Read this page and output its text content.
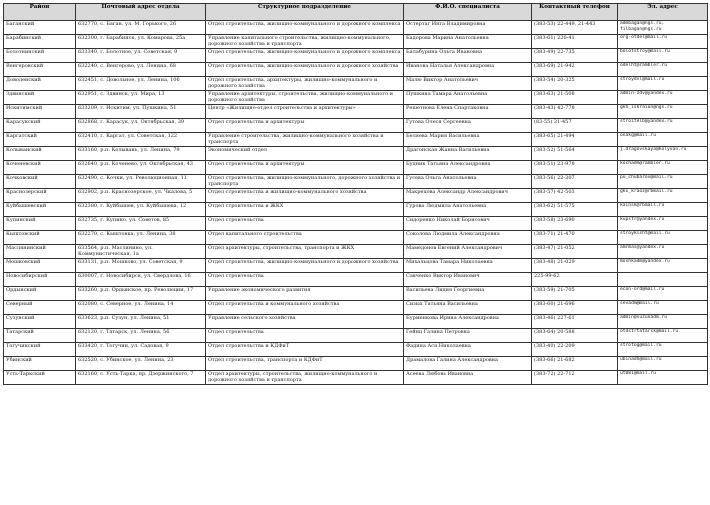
Район	Почтовый адрес отдела	Структурное подразделение	Ф.И.О. специалиста	Контактный телефон	Эл. адрес
Баганский	632770, с. Баган, ул. М. Горького, 26	Отдел строительства, жилищно-коммунального и дорожного комплекса	Остертаг Инга Владимировна	(383-53) 22-449, 21-443	admbagan@ngs.ru, filbagan@ngs.ru
Барабинский	632300, г. Барабинск, ул. Комарова, 25а	Управление капитального строительства, жилищно-коммунального, дорожного хозяйства и транспорта	Бадорова Марина Анатольевна	(383-61) 220-41	org-otdel@mail.ru
Болотнинский	633340, г. Болотное, ул. Советская, 9	Отдел строительства, жилищно-коммунального и дорожного комплекса	Балабурина Ольга Ивановна	(383-49) 22-735	bolotstroy@mail.ru
Венгеровский	632240, с. Венгерово, ул. Ленина, 68	Отдел строительства, жилищно-коммунального и дорожного хозяйства	Иванова Наталья Александровна	(383-69) 21-942	odelht@rambler.ru
Доволенский	632451, с. Довольное, ул. Ленина, 106	Отдел строительства, архитектуры, жилищно-коммунального и дорожного хозяйства	Малю Виктор Анатольевич	(383-54) 20-325	stroydvl@mail.ru
Здвинский	632951, с. Здвинск, ул. Мира, 13	Управление архитектуры, строительства, жилищно-коммунального и дорожного хозяйства	Пушкина Тамара Анатольевна	(383-63) 21-508	admin-zdv@yandex.ru
Искитимский	633209, г. Искитим, ул. Пушкина, 51	Центр «Жилищно-отдел строительства и архитектуры»	Решетнова Елена Спартаковна	(383-43) 42-778	gkh_iskraion@ngs.ru
Карасукский	632868, г. Карасук, ул. Октябрьская, 39	Отдел строительства и архитектуры	Гутова Олеся Сергеевна	(83-55) 31-457	stroitelb@yandex.ru
Каргатский	632410, г. Каргат, ул. Советская, 122	Управление строительства, жилищно-коммунального хозяйства и транспорта	Беляева Мария Васильевна	(383-65) 21-494	onakg@mail.ru
Колыванский	633160, р.п. Колывань, ул. Ленина, 79	Экономический отдел	Драгонская Жанна Васильевна	(383-52) 51-564	j.dragovskaya@kolyvan.ru
Коченевский	632640, р.п. Коченево, ул. Октябрьская, 43	Отдел строительства и архитектуры	Будник Татьяна Александровна	(383-51) 23-978	kochadm@rambler.ru
Кочковский	632490, с. Кочки, ул. Революционная, 11	Отдел строительства, жилищно-коммунального, дорожного хозяйства и транспорта	Гусева Ольга Анатольевна	(383-56) 22-307	pu_chubarov@mail.ru
Краснозерский	632902, р.п. Краснозерское, ул. Чкалова, 5	Отдел строительства и жилищно-коммунального хозяйства	Макрецова Александр Александрович	(383-57) 42-503	gkx_kraoz@rbmail.ru
Куйбышевский	632380, г. Куйбышев, ул. Куйбышева, 12	Отдел строительства и ЖКХ	Гурова Людмила Анатольевна	(383-62) 51-575	kainsk@rbmail.ru
Купинский	632735, г. Купино, ул. Советов, 85	Отдел строительства	Сидоренко Николай Борисович	(383-58) 23-690	kupstr@yandex.ru
Кыштовский	632270, с. Кыштовка, ул. Ленина, 38	Отдел капитального строительства	Соколова Людмила Александровна	(383-71) 21-470	stroykisht@mail.ru
Маслянинский	633564, р.п. Маслянино, ул. Коммунистическая, 1а	Отдел архитектуры, строительства, транспорта и ЖКХ	Мамедонов Евгений Александрович	(383-47) 21-052	amrmas@yandex.ru
Мошковский	633131, р.п. Мошково, ул. Советская, 9	Отдел строительства, жилищно-коммунального и дорожного хозяйства	Михальцова Тамара Николаевна	(383-48) 21-029	moshkadm@yandex.ru
Новосибирский	630007, г. Новосибирск, ул. Свердлова, 16	Отдел строительства	Савченко Виктор Иванович	225-99-62	
Ордынский	633260, р.п. Ордынское, пр. Революции, 17	Управление экономического развития	Васильева Лидия Георгиевна	(383-59) 21-705	econ-ord@mail.ru
Северный	632080, с. Северное, ул. Ленина, 14	Отдел строительства и коммунального хозяйства	Сизых Татьяна Васильевна	(383-60) 21-696	sevadm@mail.ru
Сузунский	633623, р.п. Сузун, ул. Ленина, 51	Управление сельского хозяйства	Бурменкова Ирина Александровна	(383-46) 227-61	admin@suzunadm.ru
Татарский	632120, г. Татарск, ул. Ленина, 56	Отдел строительства	Гейнц Галина Петровна	(383-64) 20-588	otdstrtatarsk@mail.ru
Тогучинский	633420, г. Тогучин, ул. Садовая, 9	Отдел строительства и КДФиТ	Фадина Ася Николаевна	(383-40) 22-209	strotog@mail.ru
Убинский	632520, с. Убинское, ул. Ленина, 23	Отдел строительства, транспорта и КДФиТ	Драмалова Галина Александровна	(383-66) 21-682	ubinadh@mail.ru
Усть-Таркский	632160, с. Усть-Тарка, пр. Дзержинского, 7	Отдел архитектуры, строительства, жилищно-коммунального и дорожного хозяйства и транспорта	Асеева Любовь Ивановна	(383-72) 22-712	ut081@mail.ru
